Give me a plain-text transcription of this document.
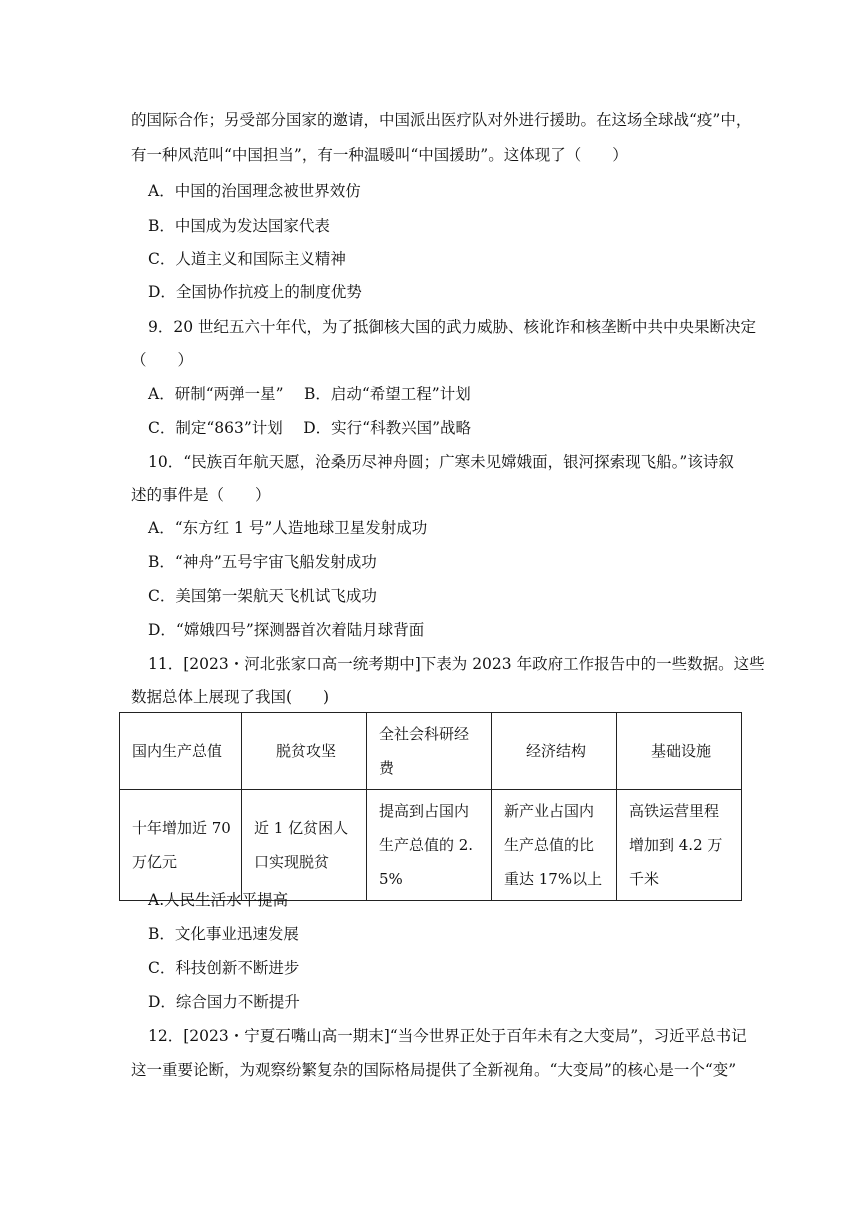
的国际合作；另受部分国家的邀请，中国派出医疗队对外进行援助。在这场全球战“疫”中，
有一种风范叫“中国担当”，有一种温暖叫“中国援助”。这体现了（　　）
A．中国的治国理念被世界效仿
B．中国成为发达国家代表
C．人道主义和国际主义精神
D．全国协作抗疫上的制度优势
9．20 世纪五六十年代，为了抵御核大国的武力威胁、核讹诈和核垄断中共中央果断决定
（　　）
A．研制“两弹一星”　 B．启动“希望工程”计划
C．制定“863”计划　 D．实行“科教兴国”战略
10．“民族百年航天愿，沧桑历尽神舟圆；广寒未见嫦娥面，银河探索现飞船。”该诗叙
述的事件是（　　）
A．“东方红 1 号”人造地球卫星发射成功
B．“神舟”五号宇宙飞船发射成功
C．美国第一架航天飞机试飞成功
D．“嫦娥四号”探测器首次着陆月球背面
11．[2023・河北张家口高一统考期中]下表为 2023 年政府工作报告中的一些数据。这些
数据总体上展现了我国(　　)
国内生产总值	脱贫攻坚	全社会科研经费	经济结构	基础设施

十年增加近 70 万亿元	近 1 亿贫困人口实现脱贫	提高到占国内生产总值的 2.5%	新产业占国内生产总值的比重达 17%以上	高铁运营里程增加到 4.2 万千米
A.人民生活水平提高
B．文化事业迅速发展
C．科技创新不断进步
D．综合国力不断提升
12．[2023・宁夏石嘴山高一期末]“当今世界正处于百年未有之大变局”，习近平总书记
这一重要论断，为观察纷繁复杂的国际格局提供了全新视角。“大变局”的核心是一个“变”
